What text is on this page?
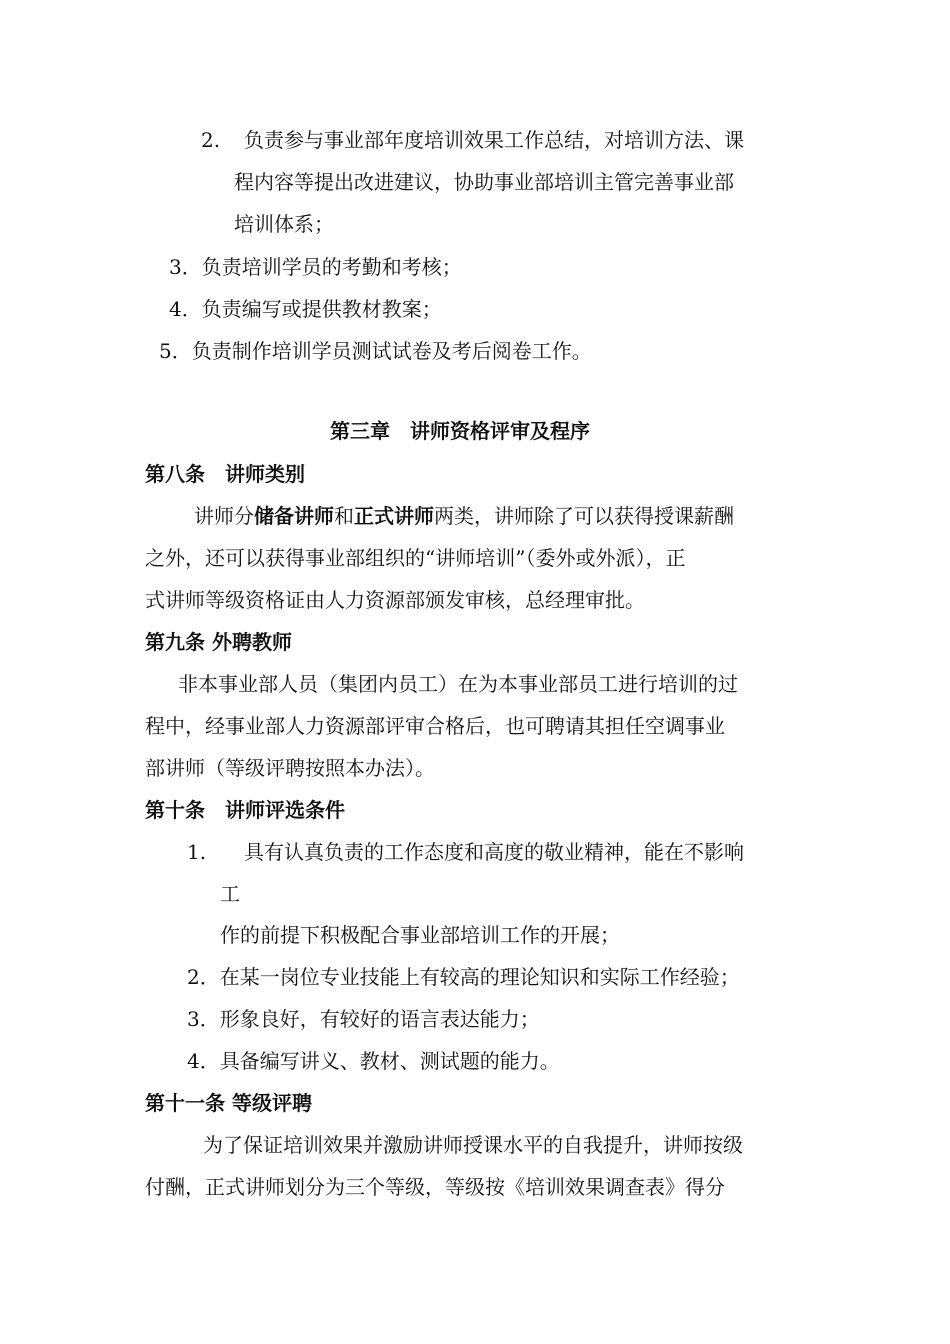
2. 负责参与事业部年度培训效果工作总结，对培训方法、课
程内容等提出改进建议，协助事业部培训主管完善事业部
培训体系；
3．负责培训学员的考勤和考核；
4．负责编写或提供教材教案；
5．负责制作培训学员测试试卷及考后阅卷工作。
第三章　讲师资格评审及程序
第八条　讲师类别
讲师分储备讲师和正式讲师两类，讲师除了可以获得授课薪酬
之外，还可以获得事业部组织的“讲师培训”（委外或外派），正
式讲师等级资格证由人力资源部颁发审核，总经理审批。
第九条 外聘教师
非本事业部人员（集团内员工）在为本事业部员工进行培训的过
程中，经事业部人力资源部评审合格后，也可聘请其担任空调事业
部讲师（等级评聘按照本办法）。
第十条　讲师评选条件
1. 具有认真负责的工作态度和高度的敬业精神，能在不影响
工
作的前提下积极配合事业部培训工作的开展；
2．在某一岗位专业技能上有较高的理论知识和实际工作经验；
3．形象良好，有较好的语言表达能力；
4．具备编写讲义、教材、测试题的能力。
第十一条 等级评聘
为了保证培训效果并激励讲师授课水平的自我提升，讲师按级
付酬，正式讲师划分为三个等级，等级按《培训效果调查表》得分
